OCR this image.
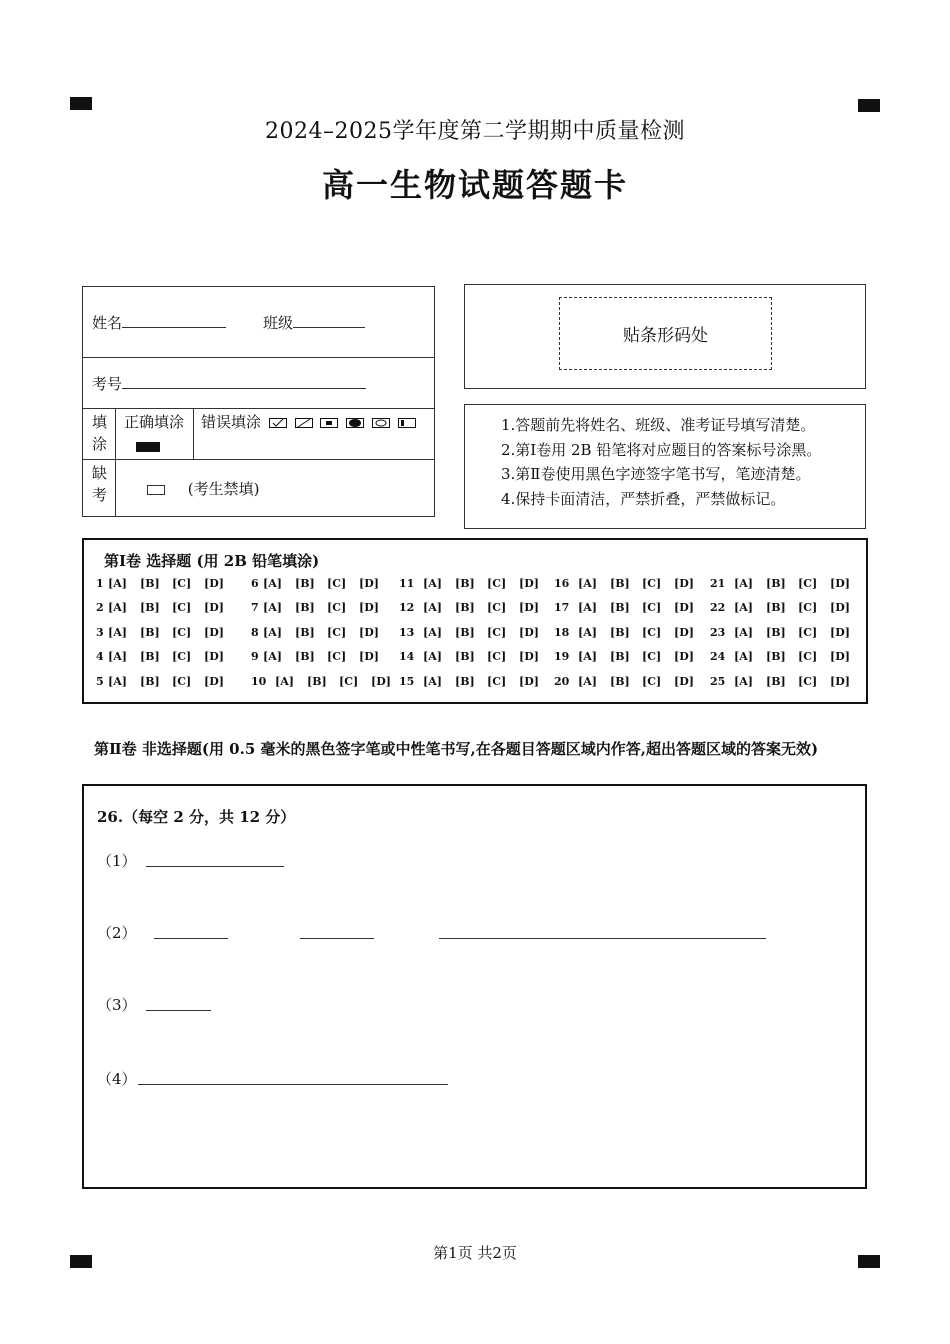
2024–2025学年度第二学期期中质量检测
高一生物试题答题卡
姓名	班级
考号
填
涂
正确填涂 错误填涂
缺
考	(考生禁填)
贴条形码处
1.答题前先将姓名、班级、准考证号填写清楚。
2.第Ⅰ卷用 2B 铅笔将对应题目的答案标号涂黑。
3.第Ⅱ卷使用黑色字迹签字笔书写，笔迹清楚。
4.保持卡面清洁，严禁折叠，严禁做标记。
第Ⅰ卷 选择题 (用 2B 铅笔填涂)
1 [A]	[B]	[C]	[D]
2 [A]	[B]	[C]	[D]
3 [A]	[B]	[C]	[D]
4 [A]	[B]	[C]	[D]
5 [A]	[B]	[C]	[D]
6 [A]	[B]	[C]	[D]
7 [A]	[B]	[C]	[D]
8 [A]	[B]	[C]	[D]
9 [A]	[B]	[C]	[D]
10 [A]	[B]	[C]	[D]
11 [A]	[B]	[C]	[D]
12 [A]	[B]	[C]	[D]
13 [A]	[B]	[C]	[D]
14 [A]	[B]	[C]	[D]
15 [A]	[B]	[C]	[D]
16 [A]	[B]	[C]	[D]
17 [A]	[B]	[C]	[D]
18 [A]	[B]	[C]	[D]
19 [A]	[B]	[C]	[D]
20 [A]	[B]	[C]	[D]
21 [A]	[B]	[C]	[D]
22 [A]	[B]	[C]	[D]
23 [A]	[B]	[C]	[D]
24 [A]	[B]	[C]	[D]
25 [A]	[B]	[C]	[D]
第Ⅱ卷 非选择题(用 0.5 毫米的黑色签字笔或中性笔书写,在各题目答题区域内作答,超出答题区域的答案无效)
26.（每空 2 分，共 12 分）
（1）
（2）
（3）
（4）
第1页 共2页
